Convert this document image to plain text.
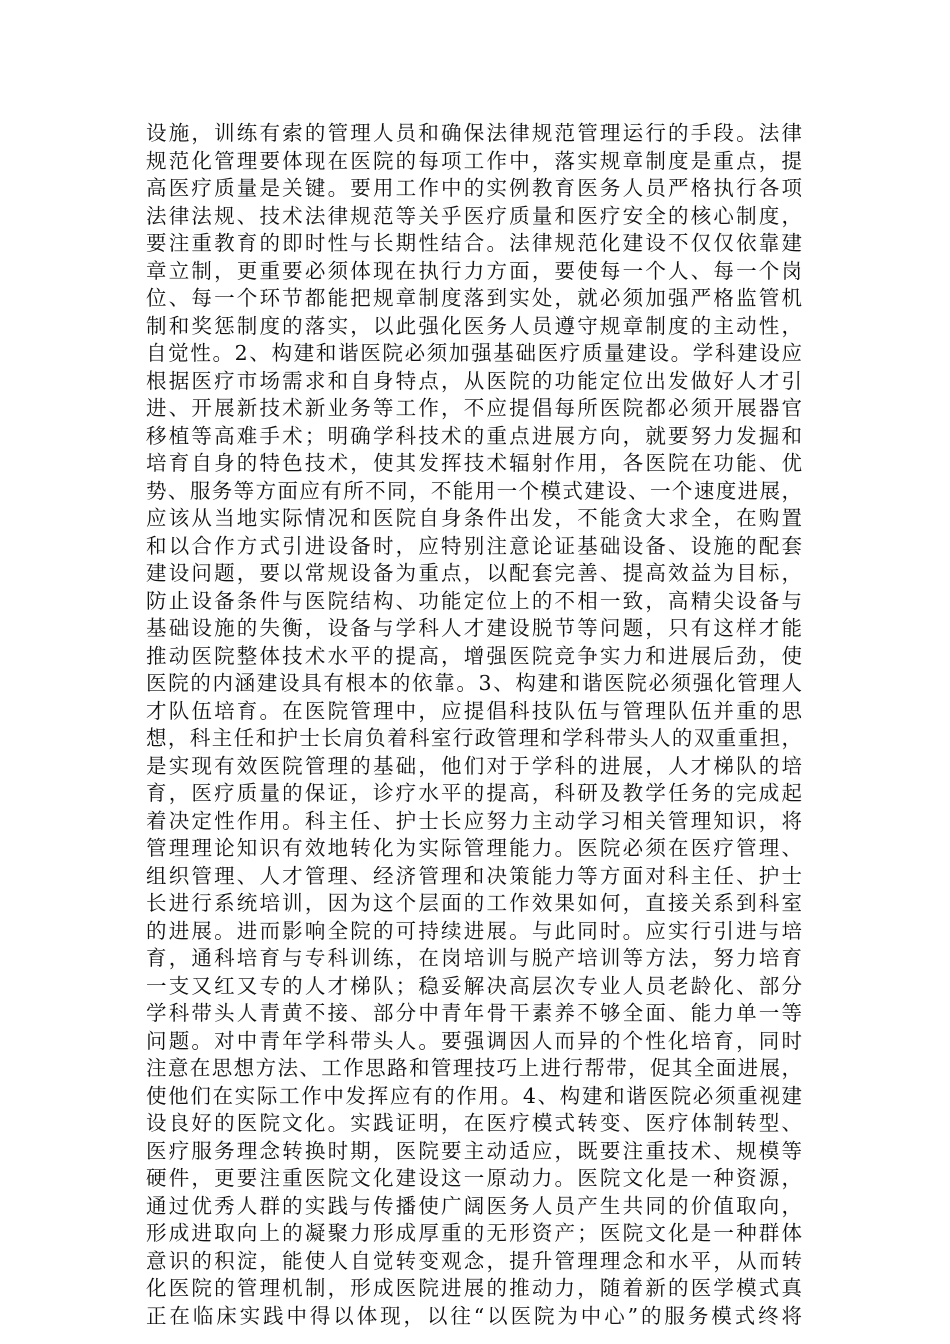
设施，训练有索的管理人员和确保法律规范管理运行的手段。法律
规范化管理要体现在医院的每项工作中，落实规章制度是重点，提
高医疗质量是关键。要用工作中的实例教育医务人员严格执行各项
法律法规、技术法律规范等关乎医疗质量和医疗安全的核心制度，
要注重教育的即时性与长期性结合。法律规范化建设不仅仅依靠建
章立制，更重要必须体现在执行力方面，要使每一个人、每一个岗
位、每一个环节都能把规章制度落到实处，就必须加强严格监管机
制和奖惩制度的落实，以此强化医务人员遵守规章制度的主动性，
自觉性。2、构建和谐医院必须加强基础医疗质量建设。学科建设应
根据医疗市场需求和自身特点，从医院的功能定位出发做好人才引
进、开展新技术新业务等工作，不应提倡每所医院都必须开展器官
移植等高难手术；明确学科技术的重点进展方向，就要努力发掘和
培育自身的特色技术，使其发挥技术辐射作用，各医院在功能、优
势、服务等方面应有所不同，不能用一个模式建设、一个速度进展，
应该从当地实际情况和医院自身条件出发，不能贪大求全，在购置
和以合作方式引进设备时，应特别注意论证基础设备、设施的配套
建设问题，要以常规设备为重点，以配套完善、提高效益为目标，
防止设备条件与医院结构、功能定位上的不相一致，高精尖设备与
基础设施的失衡，设备与学科人才建设脱节等问题，只有这样才能
推动医院整体技术水平的提高，增强医院竞争实力和进展后劲，使
医院的内涵建设具有根本的依靠。3、构建和谐医院必须强化管理人
才队伍培育。在医院管理中，应提倡科技队伍与管理队伍并重的思
想，科主任和护士长肩负着科室行政管理和学科带头人的双重重担，
是实现有效医院管理的基础，他们对于学科的进展，人才梯队的培
育，医疗质量的保证，诊疗水平的提高，科研及教学任务的完成起
着决定性作用。科主任、护士长应努力主动学习相关管理知识，将
管理理论知识有效地转化为实际管理能力。医院必须在医疗管理、
组织管理、人才管理、经济管理和决策能力等方面对科主任、护士
长进行系统培训，因为这个层面的工作效果如何，直接关系到科室
的进展。进而影响全院的可持续进展。与此同时。应实行引进与培
育，通科培育与专科训练，在岗培训与脱产培训等方法，努力培育
一支又红又专的人才梯队；稳妥解决高层次专业人员老龄化、部分
学科带头人青黄不接、部分中青年骨干素养不够全面、能力单一等
问题。对中青年学科带头人。要强调因人而异的个性化培育，同时
注意在思想方法、工作思路和管理技巧上进行帮带，促其全面进展，
使他们在实际工作中发挥应有的作用。4、构建和谐医院必须重视建
设良好的医院文化。实践证明，在医疗模式转变、医疗体制转型、
医疗服务理念转换时期，医院要主动适应，既要注重技术、规模等
硬件，更要注重医院文化建设这一原动力。医院文化是一种资源，
通过优秀人群的实践与传播使广阔医务人员产生共同的价值取向，
形成进取向上的凝聚力形成厚重的无形资产；医院文化是一种群体
意识的积淀，能使人自觉转变观念，提升管理理念和水平，从而转
化医院的管理机制，形成医院进展的推动力，随着新的医学模式真
正在临床实践中得以体现，以往“以医院为中心”的服务模式终将
